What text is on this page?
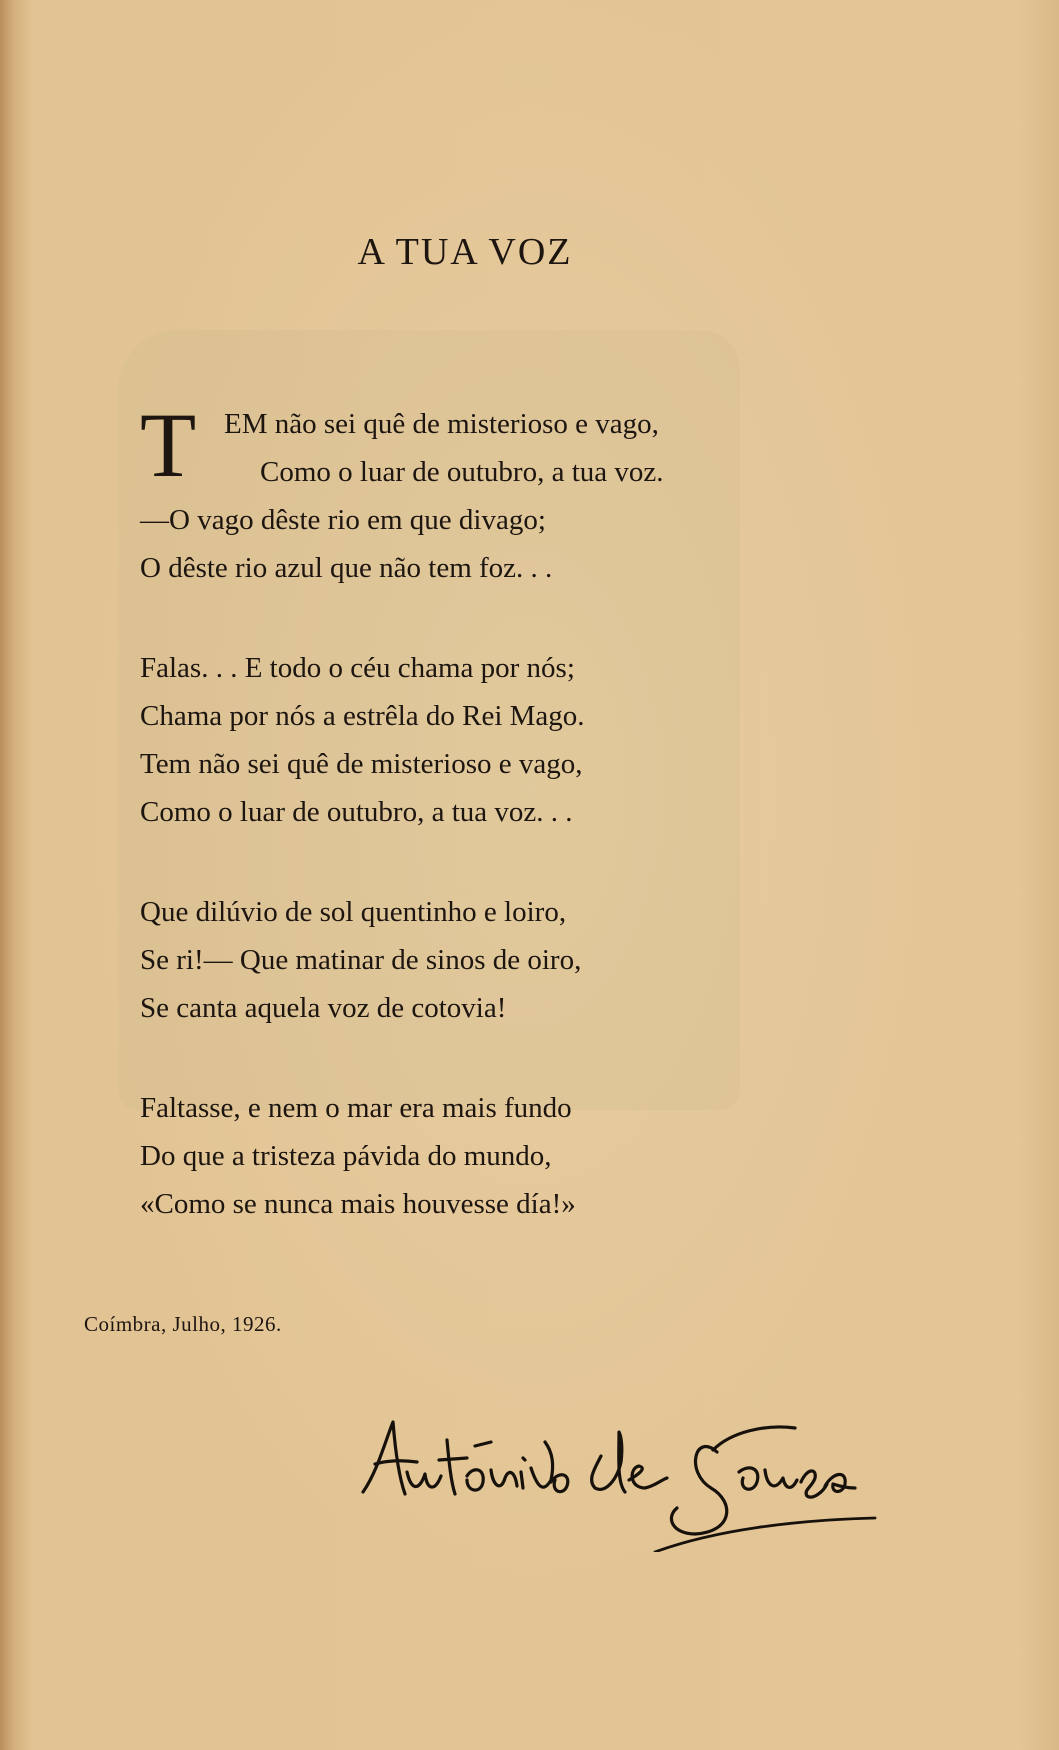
A TUA VOZ
T EM não sei quê de misterioso e vago,
Como o luar de outubro, a tua voz.
—O vago dêste rio em que divago;
O dêste rio azul que não tem foz. . .
Falas. . . E todo o céu chama por nós;
Chama por nós a estrêla do Rei Mago.
Tem não sei quê de misterioso e vago,
Como o luar de outubro, a tua voz. . .
Que dilúvio de sol quentinho e loiro,
Se ri!— Que matinar de sinos de oiro,
Se canta aquela voz de cotovia!
Faltasse, e nem o mar era mais fundo
Do que a tristeza pávida do mundo,
«Como se nunca mais houvesse día!»
Coímbra, Julho, 1926.
